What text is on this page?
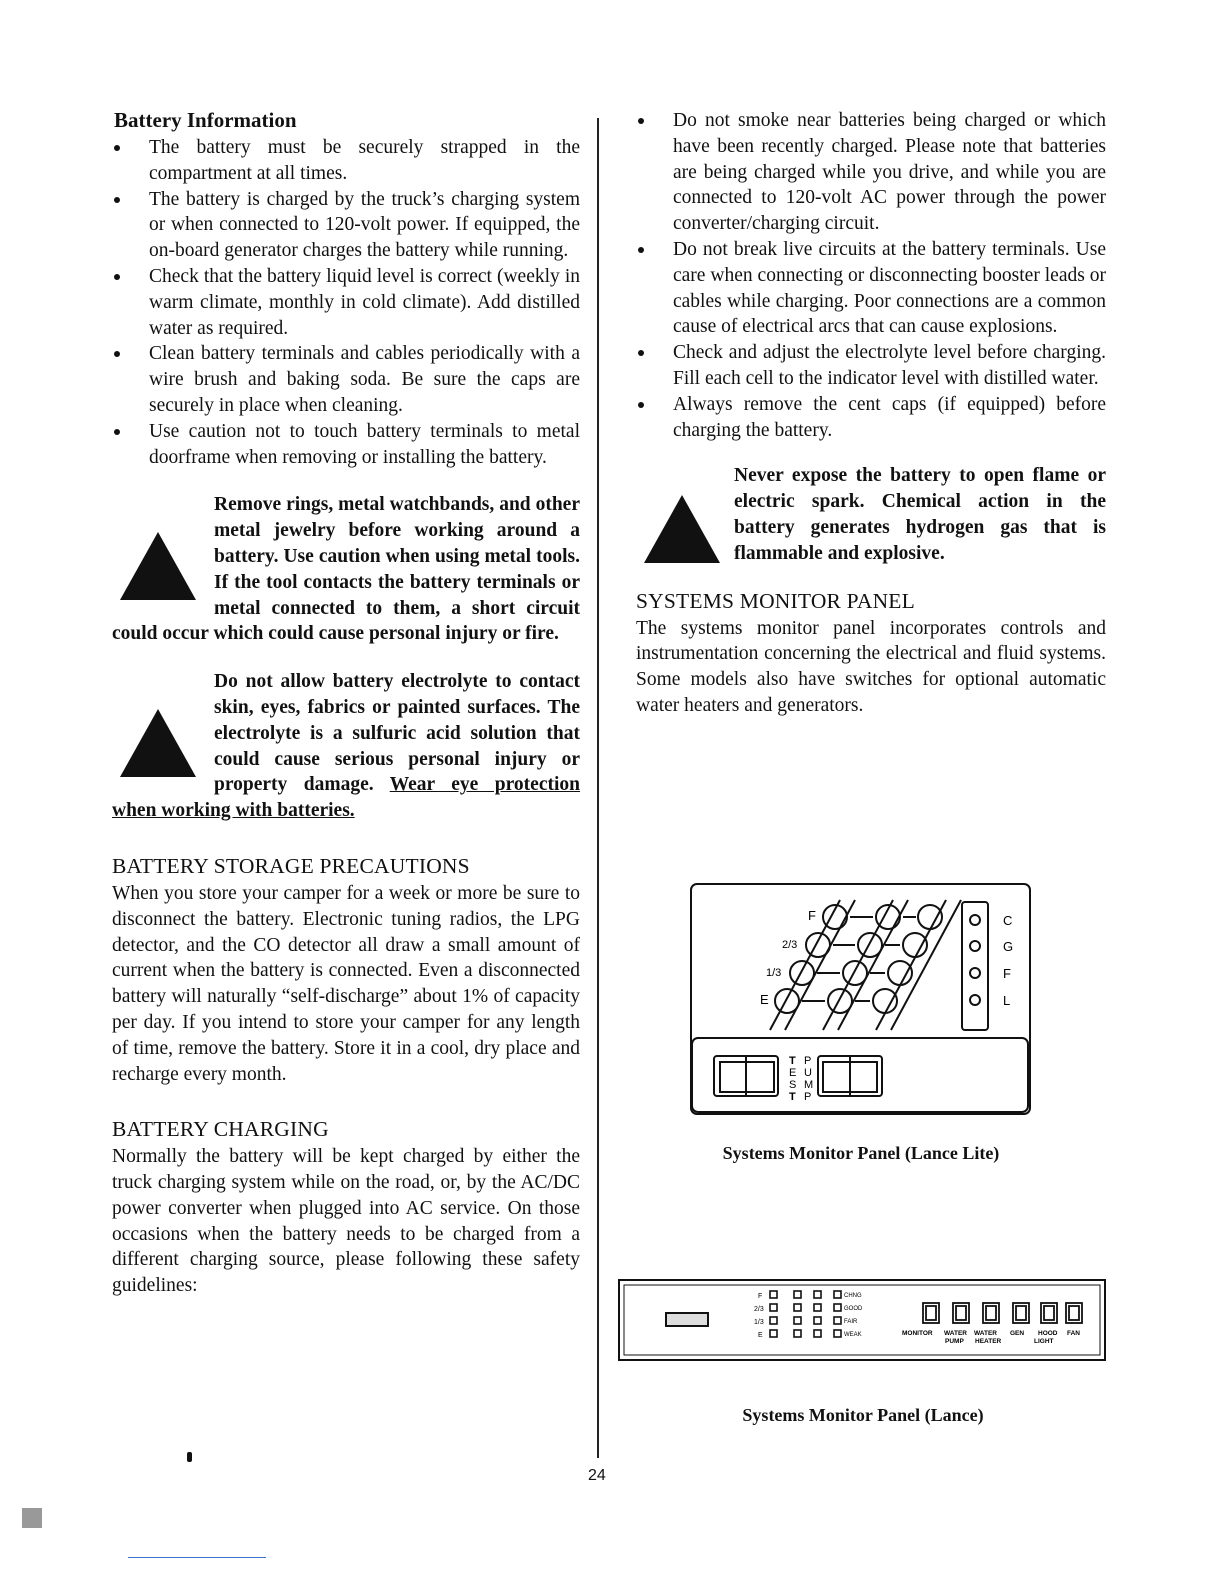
Battery Information
The battery must be securely strapped in the compartment at all times.
The battery is charged by the truck’s charging system or when connected to 120-volt power. If equipped, the on-board generator charges the battery while running.
Check that the battery liquid level is correct (weekly in warm climate, monthly in cold climate). Add distilled water as required.
Clean battery terminals and cables periodically with a wire brush and baking soda. Be sure the caps are securely in place when cleaning.
Use caution not to touch battery terminals to metal doorframe when removing or installing the battery.

Remove rings, metal watchbands, and other metal jewelry before working around a battery. Use caution when using metal tools. If the tool contacts the battery terminals or metal connected to them, a short circuit could occur which could cause personal injury or fire.

Do not allow battery electrolyte to contact skin, eyes, fabrics or painted surfaces. The electrolyte is a sulfuric acid solution that could cause serious personal injury or property damage. Wear eye protection when working with batteries.

BATTERY STORAGE PRECAUTIONS

When you store your camper for a week or more be sure to disconnect the battery. Electronic tuning radios, the LPG detector, and the CO detector all draw a small amount of current when the battery is connected. Even a disconnected battery will naturally “self-discharge” about 1% of capacity per day. If you intend to store your camper for any length of time, remove the battery. Store it in a cool, dry place and recharge every month.

BATTERY CHARGING

Normally the battery will be kept charged by either the truck charging system while on the road, or, by the AC/DC power converter when plugged into AC service. On those occasions when the battery needs to be charged from a different charging source, please following these safety guidelines:

Do not smoke near batteries being charged or which have been recently charged. Please note that batteries are being charged while you drive, and while you are connected to 120-volt AC power through the power converter/charging circuit.
Do not break live circuits at the battery terminals. Use care when connecting or disconnecting booster leads or cables while charging. Poor connections are a common cause of electrical arcs that can cause explosions.
Check and adjust the electrolyte level before charging. Fill each cell to the indicator level with distilled water.
Always remove the cent caps (if equipped) before charging the battery.

Never expose the battery to open flame or electric spark. Chemical action in the battery generates hydrogen gas that is flammable and explosive.

SYSTEMS MONITOR PANEL

The systems monitor panel incorporates controls and instrumentation concerning the electrical and fluid systems. Some models also have switches for optional automatic water heaters and generators.

F
2/3
1/3
E
C
G
F
L
T
E
S
T
P
U
M
P
Systems Monitor Panel (Lance Lite)
F
2/3
1/3
E
CHNG
GOOD
FAIR
WEAK	MONITOR WATER WATER GEN HOOD FAN
PUMP HEATER	LIGHT
Systems Monitor Panel (Lance)
24
